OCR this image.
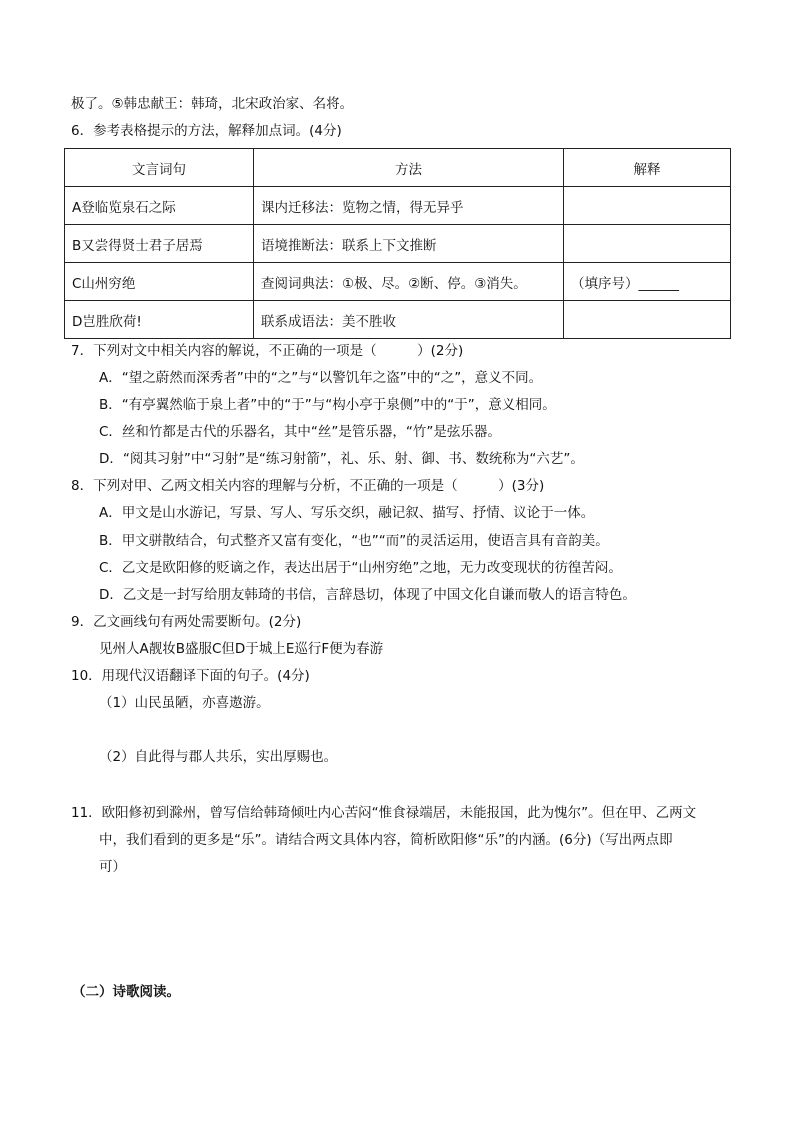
极了。⑤韩忠献王：韩琦，北宋政治家、名将。
6．参考表格提示的方法，解释加点词。(4分)
文言词句	方法	解释
A登临览泉石之际	课内迁移法：览物之情，得无异乎	
B又尝得贤士君子居焉	语境推断法：联系上下文推断	
C山州穷绝	查阅词典法：①极、尽。②断、停。③消失。	（填序号）______
D岂胜欣荷!	联系成语法：美不胜收	
7．下列对文中相关内容的解说，不正确的一项是（　　　）(2分)
A．“望之蔚然而深秀者”中的“之”与“以警饥年之盗”中的“之”，意义不同。
B．“有亭翼然临于泉上者”中的“于”与“构小亭于泉侧”中的“于”，意义相同。
C．丝和竹都是古代的乐器名，其中“丝”是管乐器，“竹”是弦乐器。
D．“阅其习射”中“习射”是“练习射箭”，礼、乐、射、御、书、数统称为“六艺”。
8．下列对甲、乙两文相关内容的理解与分析，不正确的一项是（　　　）(3分)
A．甲文是山水游记，写景、写人、写乐交织，融记叙、描写、抒情、议论于一体。
B．甲文骈散结合，句式整齐又富有变化，“也”“而”的灵活运用，使语言具有音韵美。
C．乙文是欧阳修的贬谪之作，表达出居于“山州穷绝”之地，无力改变现状的彷徨苦闷。
D．乙文是一封写给朋友韩琦的书信，言辞恳切，体现了中国文化自谦而敬人的语言特色。
9．乙文画线句有两处需要断句。(2分)
见州人A靓妆B盛服C但D于城上E巡行F便为春游
10．用现代汉语翻译下面的句子。(4分)
（1）山民虽陋，亦喜遨游。
（2）自此得与郡人共乐，实出厚赐也。
11．欧阳修初到滁州，曾写信给韩琦倾吐内心苦闷“惟食禄端居，未能报国，此为愧尔”。但在甲、乙两文
中，我们看到的更多是“乐”。请结合两文具体内容，简析欧阳修“乐”的内涵。(6分)（写出两点即
可）
（二）诗歌阅读。
